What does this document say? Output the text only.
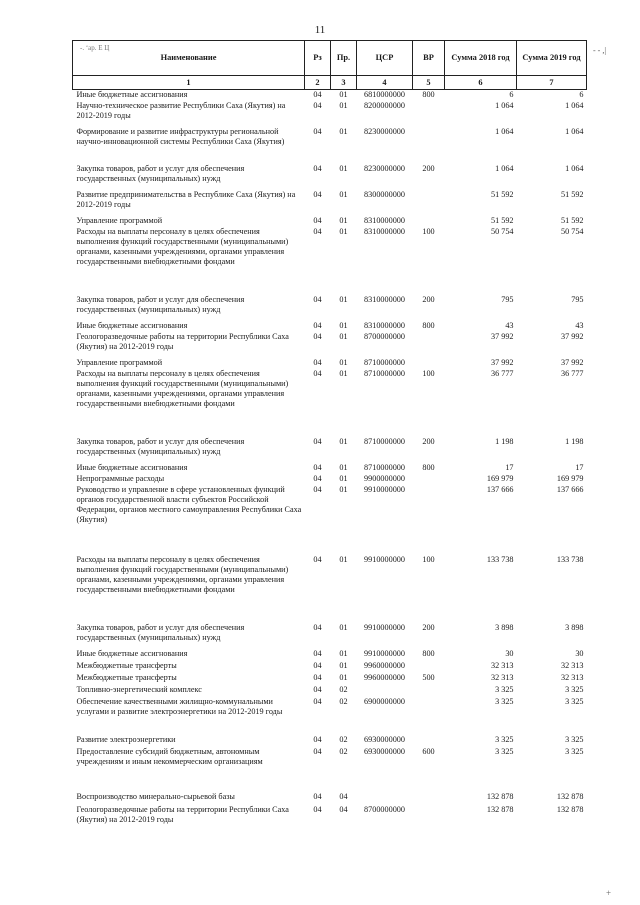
11
-. ‘ар. Е Ц	- - ,|
+
Наименование	Рз	Пр.	ЦСР	ВР	Сумма 2018 год	Сумма 2019 год
1	2	3	4	5	6	7
Иные бюджетные ассигнования	04	01	6810000000	800	6	6
Научно-техническое развитие Республики Саха (Якутия) на 2012-2019 годы	04	01	8200000000		1 064	1 064
Формирование и развитие инфраструктуры региональной научно-инновационной системы Республики Саха (Якутия)	04	01	8230000000		1 064	1 064
Закупка товаров, работ и услуг для обеспечения государственных (муниципальных) нужд	04	01	8230000000	200	1 064	1 064
Развитие предпринимательства в Республике Саха (Якутия) на 2012-2019 годы	04	01	8300000000		51 592	51 592
Управление программой	04	01	8310000000		51 592	51 592
Расходы на выплаты персоналу в целях обеспечения выполнения функций государственными (муниципальными) органами, казенными учреждениями, органами управления государственными внебюджетными фондами	04	01	8310000000	100	50 754	50 754
Закупка товаров, работ и услуг для обеспечения государственных (муниципальных) нужд	04	01	8310000000	200	795	795
Иные бюджетные ассигнования	04	01	8310000000	800	43	43
Геологоразведочные работы на территории Республики Саха (Якутия) на 2012-2019 годы	04	01	8700000000		37 992	37 992
Управление программой	04	01	8710000000		37 992	37 992
Расходы на выплаты персоналу в целях обеспечения выполнения функций государственными (муниципальными) органами, казенными учреждениями, органами управления государственными внебюджетными фондами	04	01	8710000000	100	36 777	36 777
Закупка товаров, работ и услуг для обеспечения государственных (муниципальных) нужд	04	01	8710000000	200	1 198	1 198
Иные бюджетные ассигнования	04	01	8710000000	800	17	17
Непрограммные расходы	04	01	9900000000		169 979	169 979
Руководство и управление в сфере установленных функций органов государственной власти субъектов Российской Федерации, органов местного самоуправления Республики Саха (Якутия)	04	01	9910000000		137 666	137 666
Расходы на выплаты персоналу в целях обеспечения выполнения функций государственными (муниципальными) органами, казенными учреждениями, органами управления государственными внебюджетными фондами	04	01	9910000000	100	133 738	133 738
Закупка товаров, работ и услуг для обеспечения государственных (муниципальных) нужд	04	01	9910000000	200	3 898	3 898
Иные бюджетные ассигнования	04	01	9910000000	800	30	30
Межбюджетные трансферты	04	01	9960000000		32 313	32 313
Межбюджетные трансферты	04	01	9960000000	500	32 313	32 313
Топливно-энергетический комплекс	04	02			3 325	3 325
Обеспечение качественными жилищно-коммунальными услугами и развитие электроэнергетики на 2012-2019 годы	04	02	6900000000		3 325	3 325
Развитие электроэнергетики	04	02	6930000000		3 325	3 325
Предоставление субсидий бюджетным, автономным учреждениям и иным некоммерческим организациям	04	02	6930000000	600	3 325	3 325
Воспроизводство минерально-сырьевой базы	04	04			132 878	132 878
Геологоразведочные работы на территории Республики Саха (Якутия) на 2012-2019 годы	04	04	8700000000		132 878	132 878
